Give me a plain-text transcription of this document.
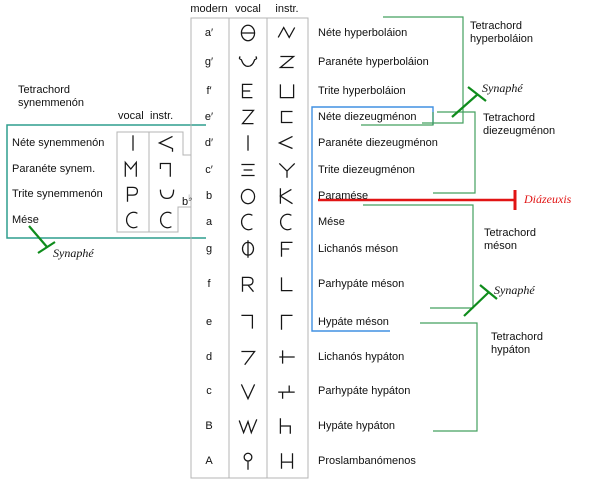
modern vocal instr.
Tetrachord
synemmenón
vocal instr.
b♭
Tetrachord
hyperboláion
Tetrachord
diezeugménon
Tetrachord
méson
Tetrachord
hypáton
Synaphé
Synaphé
Synaphé
Diázeuxis
a′	Néte hyperboláion
g′	Paranéte hyperboláion
f′	Trite hyperboláion
e′	Néte diezeugménon
d′	Paranéte diezeugménon
c′	Trite diezeugménon
b	Paramése
a	Mése
g	Lichanós méson
f	Parhypáte méson
e	Hypáte méson
d	Lichanós hypáton
c	Parhypáte hypáton
B	Hypáte hypáton
A	Proslambanómenos
Néte synemmenón
Paranéte synem.
Trite synemmenón
Mése
